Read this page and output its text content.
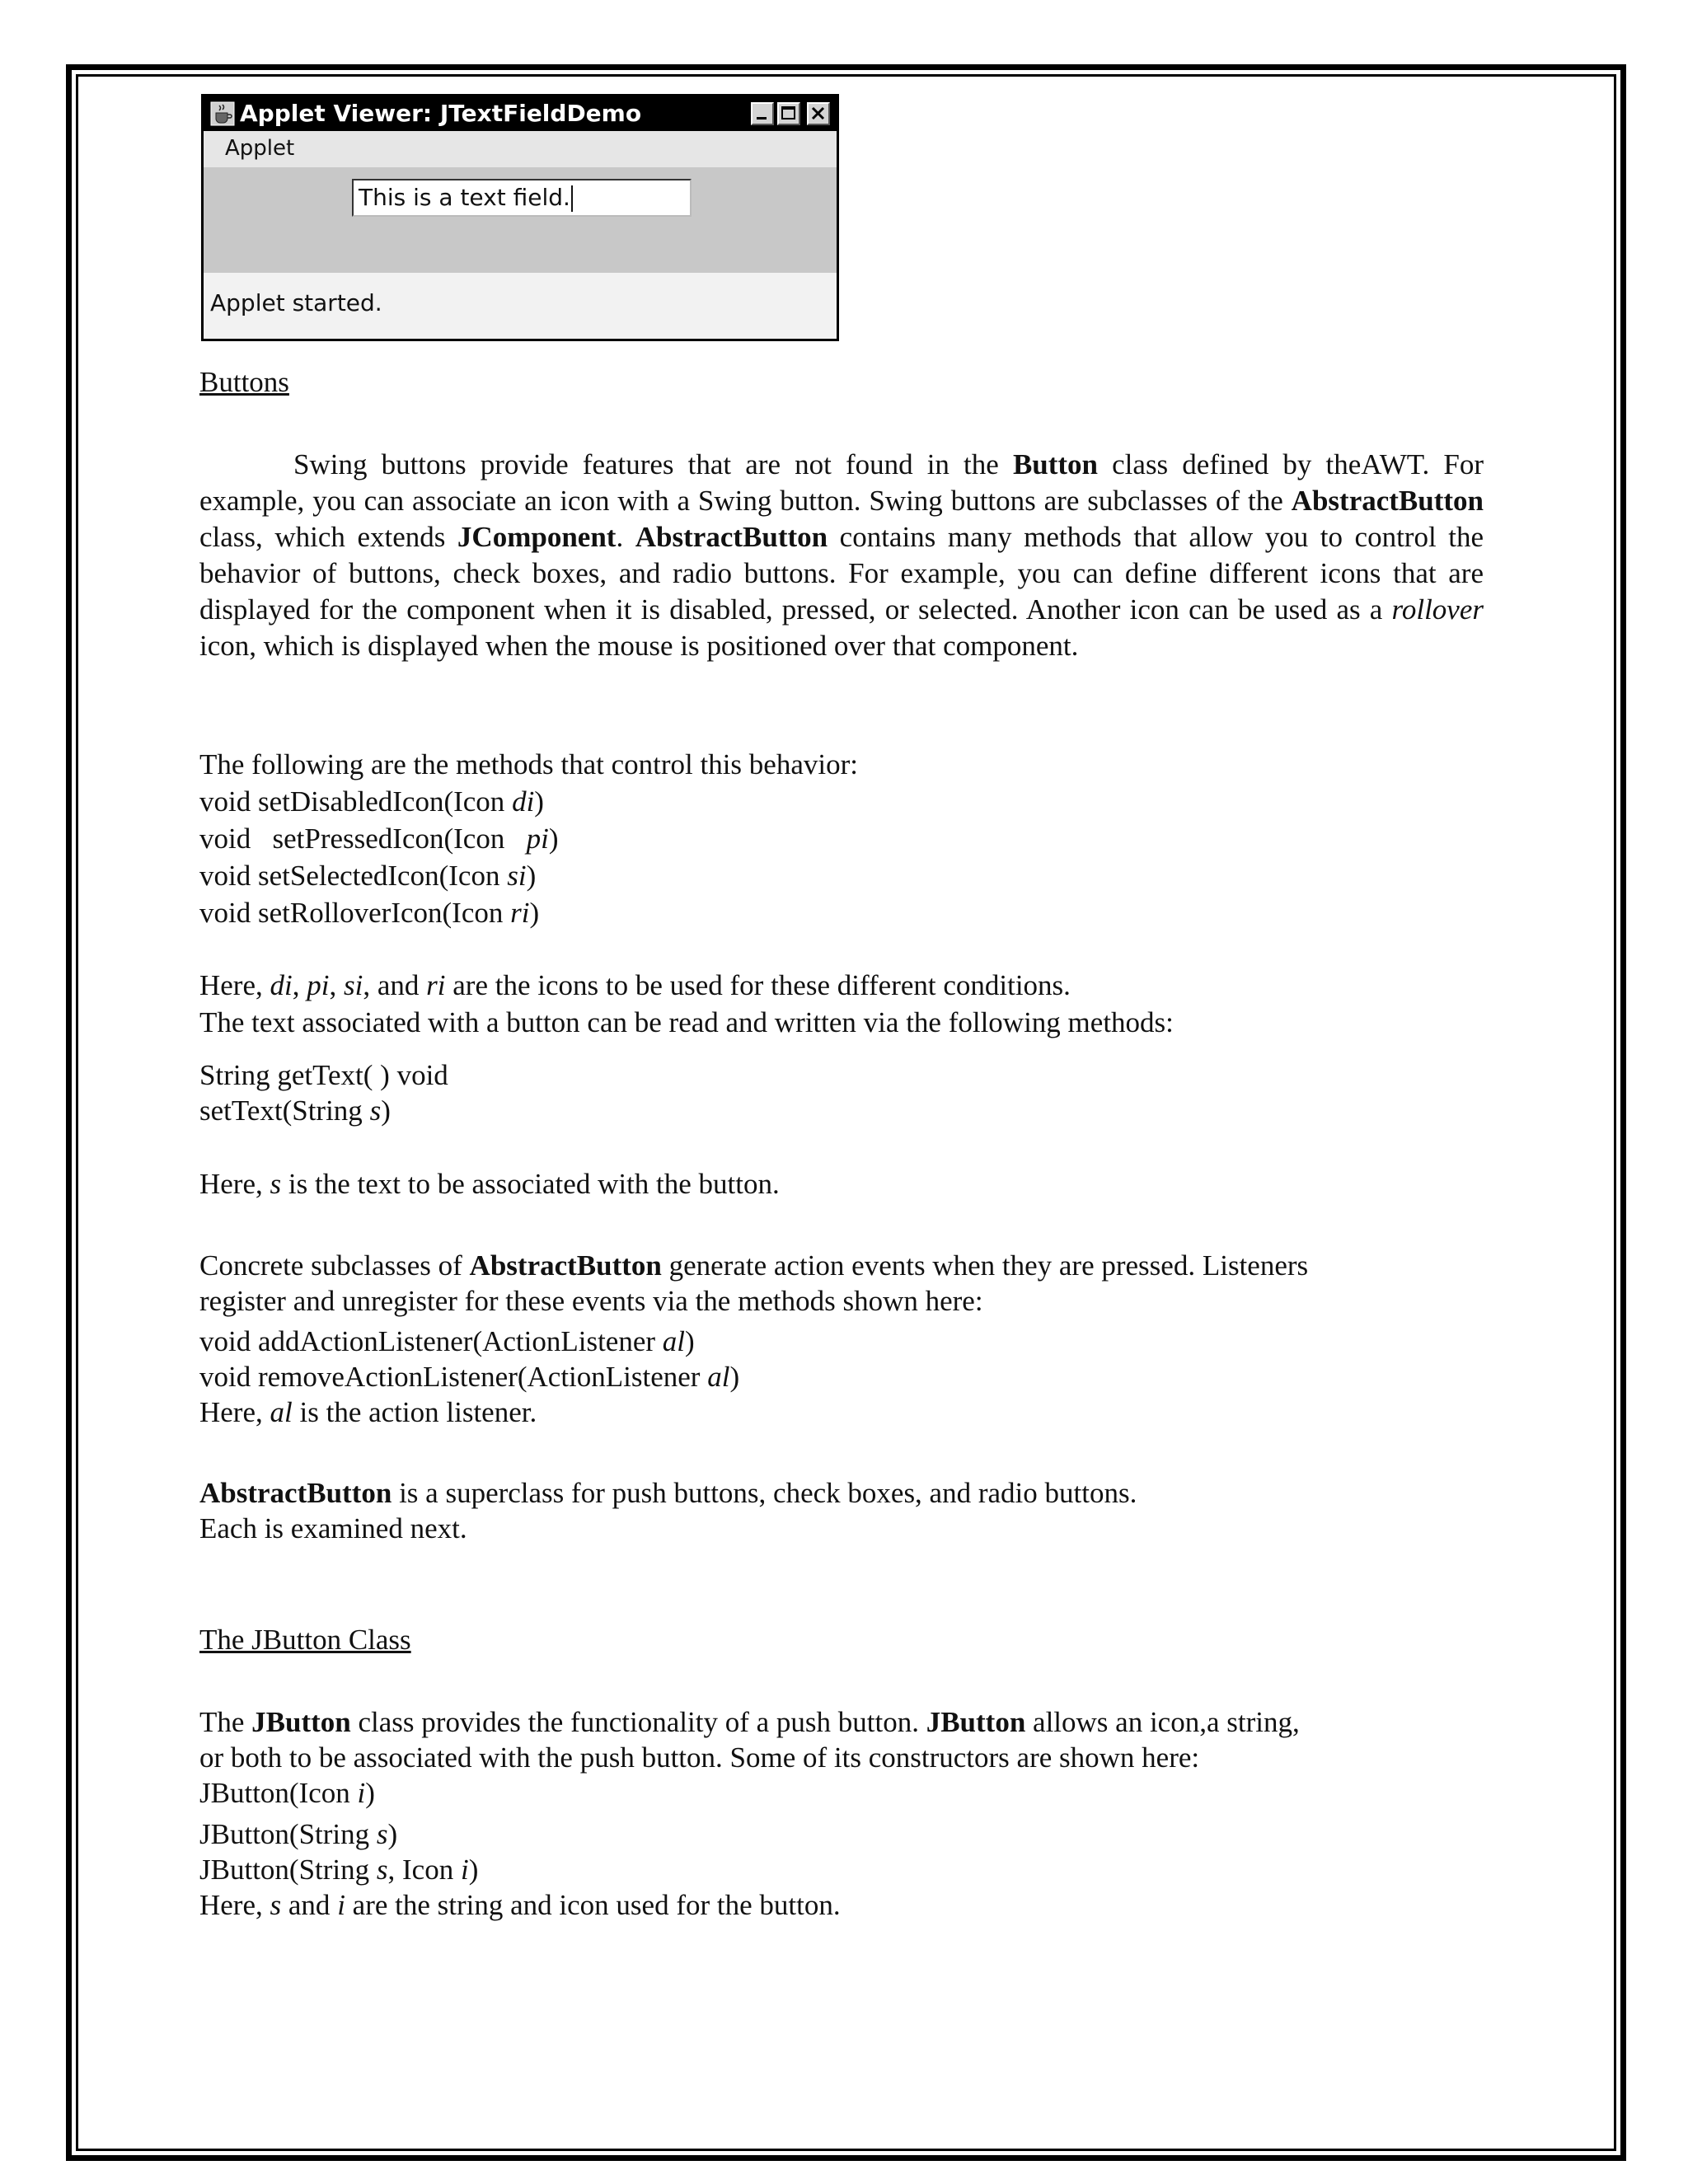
Applet Viewer: JTextFieldDemo
Applet
This is a text field.
Applet started.

Buttons

Swing buttons provide features that are not found in the Button class defined by theAWT. For example, you can associate an icon with a Swing button. Swing buttons are subclasses of the AbstractButton class, which extends JComponent. AbstractButton contains many methods that allow you to control the behavior of buttons, check boxes, and radio buttons. For example, you can define different icons that are displayed for the component when it is disabled, pressed, or selected. Another icon can be used as a rollover icon, which is displayed when the mouse is positioned over that component.

The following are the methods that control this behavior:

void setDisabledIcon(Icon di)

void   setPressedIcon(Icon   pi)

void setSelectedIcon(Icon si)

void setRolloverIcon(Icon ri)

Here, di, pi, si, and ri are the icons to be used for these different conditions.

The text associated with a button can be read and written via the following methods:

String getText( ) void

setText(String s)

Here, s is the text to be associated with the button.

Concrete subclasses of AbstractButton generate action events when they are pressed. Listeners

register and unregister for these events via the methods shown here:

void addActionListener(ActionListener al)

void removeActionListener(ActionListener al)

Here, al is the action listener.

AbstractButton is a superclass for push buttons, check boxes, and radio buttons.

Each is examined next.

The JButton Class

The JButton class provides the functionality of a push button. JButton allows an icon,a string,

or both to be associated with the push button. Some of its constructors are shown here:

JButton(Icon i)

JButton(String s)

JButton(String s, Icon i)

Here, s and i are the string and icon used for the button.
